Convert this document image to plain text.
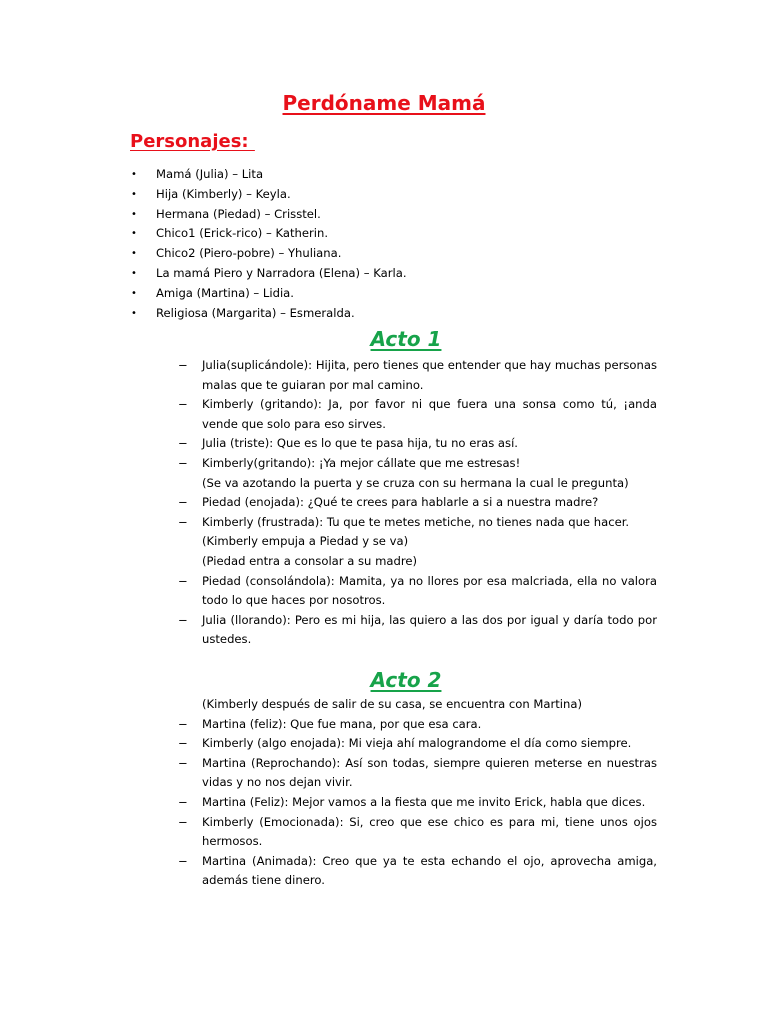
Perdóname Mamá
Personajes:
• Mamá (Julia) – Lita
• Hija (Kimberly) – Keyla.
• Hermana (Piedad) – Crisstel.
• Chico1 (Erick-rico) – Katherin.
• Chico2 (Piero-pobre) – Yhuliana.
• La mamá Piero y Narradora (Elena) – Karla.
• Amiga (Martina) – Lidia.
• Religiosa (Margarita) – Esmeralda.
Acto 1
− Julia(suplicándole): Hijita, pero tienes que entender que hay muchas personas malas que te guiaran por mal camino.
− Kimberly (gritando): Ja, por favor ni que fuera una sonsa como tú, ¡anda vende que solo para eso sirves.
− Julia (triste): Que es lo que te pasa hija, tu no eras así.
− Kimberly(gritando): ¡Ya mejor cállate que me estresas!
(Se va azotando la puerta y se cruza con su hermana la cual le pregunta)
− Piedad (enojada): ¿Qué te crees para hablarle a si a nuestra madre?
− Kimberly (frustrada): Tu que te metes metiche, no tienes nada que hacer.
(Kimberly empuja a Piedad y se va)
(Piedad entra a consolar a su madre)
− Piedad (consolándola): Mamita, ya no llores por esa malcriada, ella no valora todo lo que haces por nosotros.
− Julia (llorando): Pero es mi hija, las quiero a las dos por igual y daría todo por ustedes.
Acto 2
(Kimberly después de salir de su casa, se encuentra con Martina)
− Martina (feliz): Que fue mana, por que esa cara.
− Kimberly (algo enojada): Mi vieja ahí malograndome el día como siempre.
− Martina (Reprochando): Así son todas, siempre quieren meterse en nuestras vidas y no nos dejan vivir.
− Martina (Feliz): Mejor vamos a la fiesta que me invito Erick, habla que dices.
− Kimberly (Emocionada): Si, creo que ese chico es para mi, tiene unos ojos hermosos.
− Martina (Animada): Creo que ya te esta echando el ojo, aprovecha amiga, además tiene dinero.
